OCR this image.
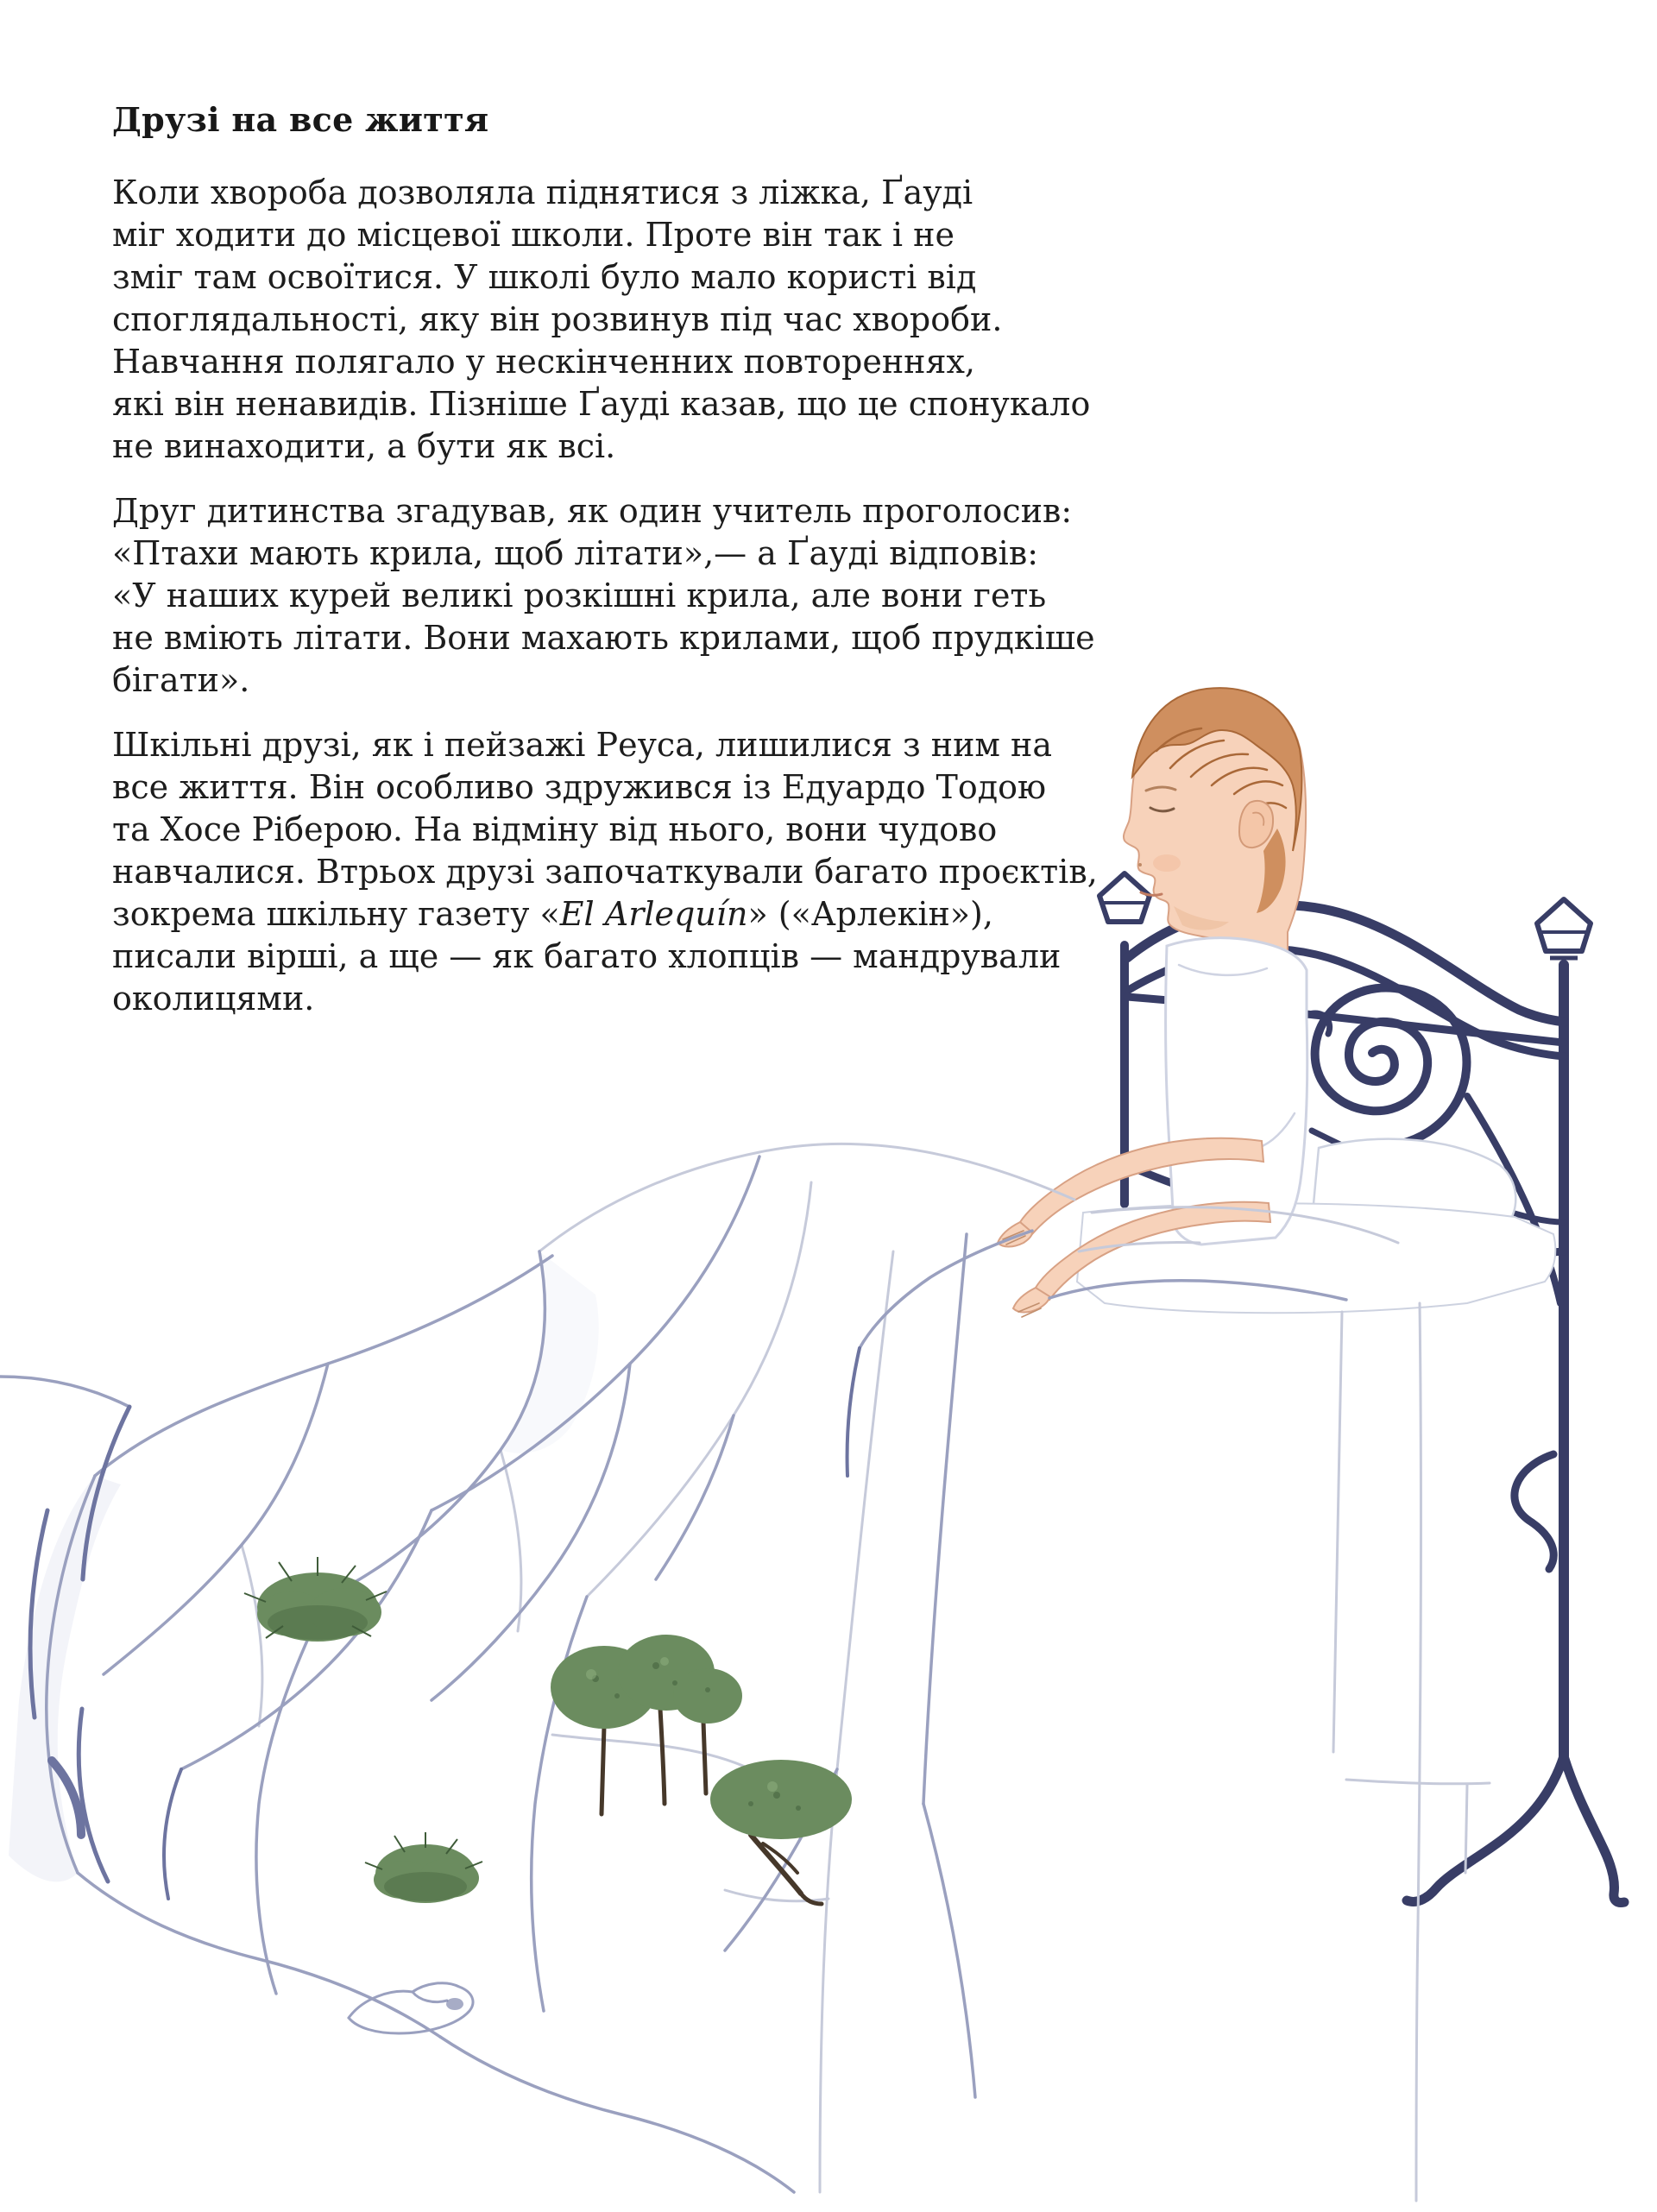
Друзі на все життя

Коли хвороба дозволяла піднятися з ліжка, Ґауді
міг ходити до місцевої школи. Проте він так і не
зміг там освоїтися. У школі було мало користі від
споглядальності, яку він розвинув під час хвороби.
Навчання полягало у нескінченних повтореннях,
які він ненавидів. Пізніше Ґауді казав, що це спонукало
не винаходити, а бути як всі.

Друг дитинства згадував, як один учитель проголосив:
«Птахи мають крила, щоб літати»,— а Ґауді відповів:
«У наших курей великі розкішні крила, але вони геть
не вміють літати. Вони махають крилами, щоб прудкіше
бігати».

Шкільні друзі, як і пейзажі Реуса, лишилися з ним на
все життя. Він особливо здружився із Едуардо Тодою
та Хосе Ріберою. На відміну від нього, вони чудово
навчалися. Втрьох друзі започаткували багато проєктів,
зокрема шкільну газету «El Arlequín» («Арлекін»),
писали вірші, а ще — як багато хлопців — мандрували
околицями.
